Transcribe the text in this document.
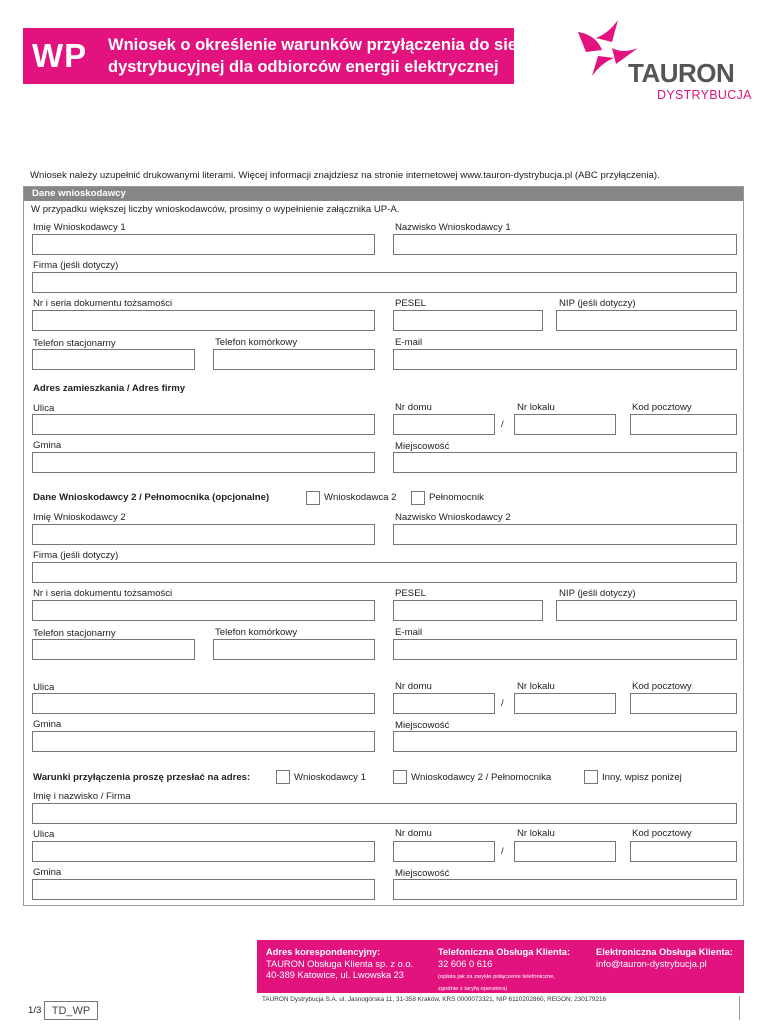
WP Wniosek o określenie warunków przyłączenia do sieci
dystrybucyjnej dla odbiorców energii elektrycznej	TAURON
DYSTRYBUCJA
Wniosek należy uzupełnić drukowanymi literami. Więcej informacji znajdziesz na stronie internetowej www.tauron-dystrybucja.pl (ABC przyłączenia).
Dane wnioskodawcy
W przypadku większej liczby wnioskodawców, prosimy o wypełnienie załącznika UP-A.
Imię Wnioskodawcy 1	Nazwisko Wnioskodawcy 1
Firma (jeśli dotyczy)
Nr i seria dokumentu tożsamości	PESEL	NIP (jeśli dotyczy)
Telefon stacjonarny	Telefon komórkowy	E-mail
Adres zamieszkania / Adres firmy
Ulica	Nr domu	Nr lokalu	Kod pocztowy
/
Gmina	Miejscowość
Dane Wnioskodawcy 2 / Pełnomocnika (opcjonalne)	Wnioskodawca 2	Pełnomocnik
Imię Wnioskodawcy 2	Nazwisko Wnioskodawcy 2
Firma (jeśli dotyczy)
Nr i seria dokumentu tożsamości	PESEL	NIP (jeśli dotyczy)
Telefon stacjonarny	Telefon komórkowy	E-mail
Ulica	Nr domu	Nr lokalu	Kod pocztowy
/
Gmina	Miejscowość
Warunki przyłączenia proszę przesłać na adres:	Wnioskodawcy 1	Wnioskodawcy 2 / Pełnomocnika	Inny, wpisz poniżej
Imię i nazwisko / Firma
Ulica	Nr domu	Nr lokalu	Kod pocztowy
/
Gmina	Miejscowość
Adres korespondencyjny:
TAURON Obsługa Klienta sp. z o.o.
40-389 Katowice, ul. Lwowska 23
Telefoniczna Obsługa Klienta:
32 606 0 616
(opłata jak za zwykłe połączenie telefoniczne,
zgodnie z taryfą operatora)
Elektroniczna Obsługa Klienta:
info@tauron-dystrybucja.pl
TAURON Dystrybucja S.A. ul. Jasnogórska 11, 31-358 Kraków, KRS 0000073321, NIP 6110202860, REGON: 230179216
1/3 TD_WP
